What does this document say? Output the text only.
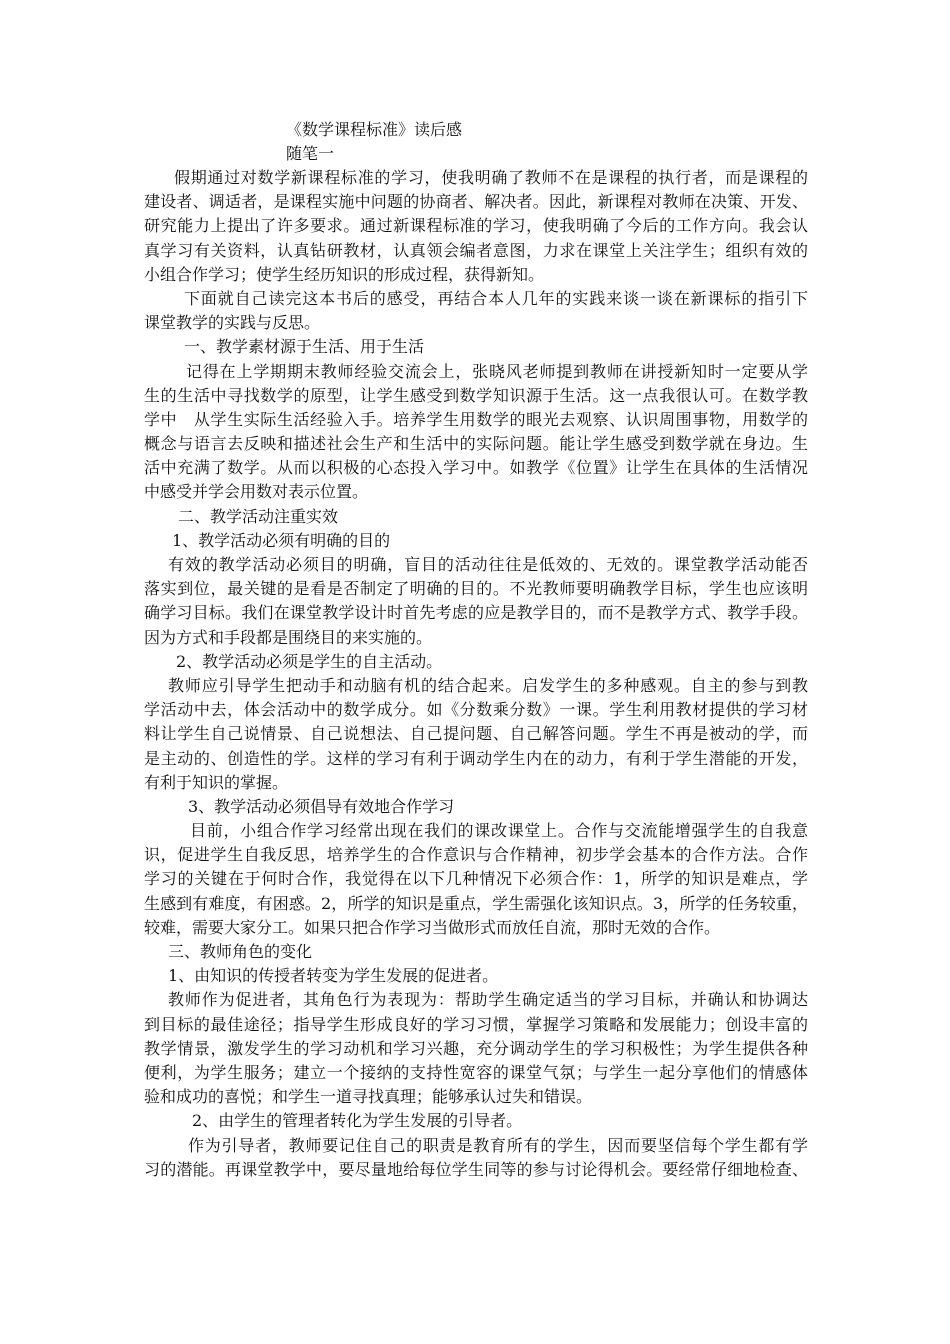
《数学课程标准》读后感
随笔一
假期通过对数学新课程标准的学习，使我明确了教师不在是课程的执行者，而是课程的
建设者、调适者，是课程实施中问题的协商者、解决者。因此，新课程对教师在决策、开发、
研究能力上提出了许多要求。通过新课程标准的学习，使我明确了今后的工作方向。我会认
真学习有关资料，认真钻研教材，认真领会编者意图，力求在课堂上关注学生；组织有效的
小组合作学习；使学生经历知识的形成过程，获得新知。
下面就自己读完这本书后的感受，再结合本人几年的实践来谈一谈在新课标的指引下
课堂教学的实践与反思。
一、教学素材源于生活、用于生活
记得在上学期期末教师经验交流会上，张晓风老师提到教师在讲授新知时一定要从学
生的生活中寻找数学的原型，让学生感受到数学知识源于生活。这一点我很认可。在数学教
学中　从学生实际生活经验入手。培养学生用数学的眼光去观察、认识周围事物，用数学的
概念与语言去反映和描述社会生产和生活中的实际问题。能让学生感受到数学就在身边。生
活中充满了数学。从而以积极的心态投入学习中。如教学《位置》让学生在具体的生活情况
中感受并学会用数对表示位置。
二、教学活动注重实效
1、教学活动必须有明确的目的
有效的教学活动必须目的明确，盲目的活动往往是低效的、无效的。课堂教学活动能否
落实到位，最关键的是看是否制定了明确的目的。不光教师要明确教学目标，学生也应该明
确学习目标。我们在课堂教学设计时首先考虑的应是教学目的，而不是教学方式、教学手段。
因为方式和手段都是围绕目的来实施的。
2、教学活动必须是学生的自主活动。
教师应引导学生把动手和动脑有机的结合起来。启发学生的多种感观。自主的参与到教
学活动中去，体会活动中的数学成分。如《分数乘分数》一课。学生利用教材提供的学习材
料让学生自己说情景、自己说想法、自己提问题、自己解答问题。学生不再是被动的学，而
是主动的、创造性的学。这样的学习有利于调动学生内在的动力，有利于学生潜能的开发，
有利于知识的掌握。
3、教学活动必须倡导有效地合作学习
目前，小组合作学习经常出现在我们的课改课堂上。合作与交流能增强学生的自我意
识，促进学生自我反思，培养学生的合作意识与合作精神，初步学会基本的合作方法。合作
学习的关键在于何时合作，我觉得在以下几种情况下必须合作：1，所学的知识是难点，学
生感到有难度，有困惑。2，所学的知识是重点，学生需强化该知识点。3，所学的任务较重，
较难，需要大家分工。如果只把合作学习当做形式而放任自流，那时无效的合作。
三、教师角色的变化
1、由知识的传授者转变为学生发展的促进者。
教师作为促进者，其角色行为表现为：帮助学生确定适当的学习目标，并确认和协调达
到目标的最佳途径；指导学生形成良好的学习习惯，掌握学习策略和发展能力；创设丰富的
教学情景，激发学生的学习动机和学习兴趣，充分调动学生的学习积极性；为学生提供各种
便利，为学生服务；建立一个接纳的支持性宽容的课堂气氛；与学生一起分享他们的情感体
验和成功的喜悦；和学生一道寻找真理；能够承认过失和错误。
2、由学生的管理者转化为学生发展的引导者。
作为引导者，教师要记住自己的职责是教育所有的学生，因而要坚信每个学生都有学
习的潜能。再课堂教学中，要尽量地给每位学生同等的参与讨论得机会。要经常仔细地检查、
